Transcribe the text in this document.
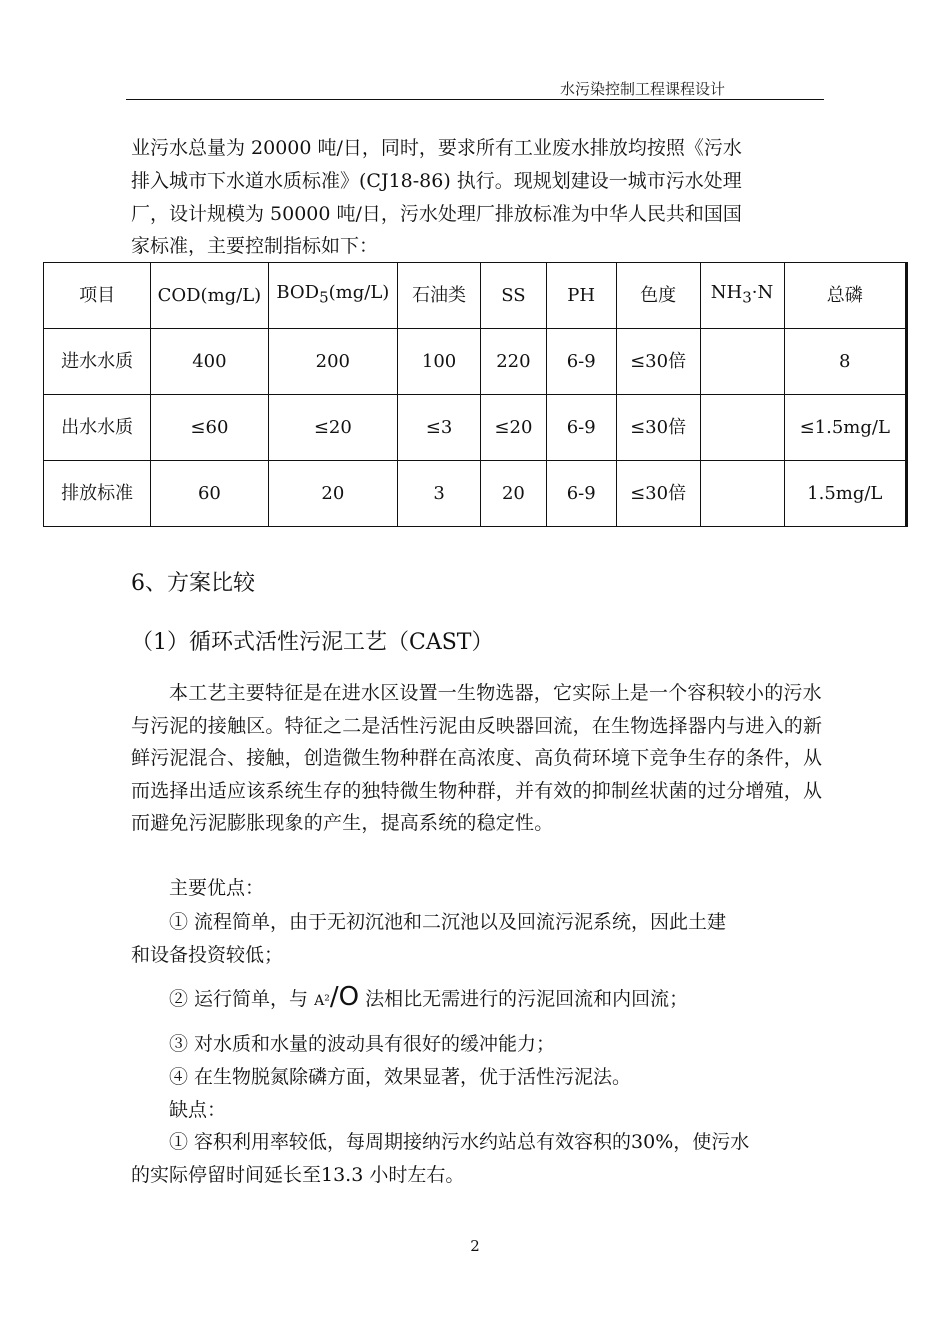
水污染控制工程课程设计
业污水总量为 20000 吨/日，同时，要求所有工业废水排放均按照《污水
排入城市下水道水质标准》(CJ18-86) 执行。现规划建设一城市污水处理
厂，设计规模为 50000 吨/日，污水处理厂排放标准为中华人民共和国国
家标准，主要控制指标如下：
项目	COD(mg/L)	$BOD_5(mg/L)$	石油类	SS	PH	色度	$NH_3\cdot N$	总磷
进水水质	400	200	100	220	6-9	≤30倍		8
出水水质	≤60	≤20	≤3	≤20	6-9	≤30倍		≤1.5mg/L
排放标准	60	20	3	20	6-9	≤30倍		1.5mg/L
6、方案比较
（1）循环式活性污泥工艺（CAST）
本工艺主要特征是在进水区设置一生物选器，它实际上是一个容积较小的污水与污泥的接触区。特征之二是活性污泥由反映器回流，在生物选择器内与进入的新鲜污泥混合、接触，创造微生物种群在高浓度、高负荷环境下竞争生存的条件，从而选择出适应该系统生存的独特微生物种群，并有效的抑制丝状菌的过分增殖，从而避免污泥膨胀现象的产生，提高系统的稳定性。
主要优点：
① 流程简单，由于无初沉池和二沉池以及回流污泥系统，因此土建
和设备投资较低；
② 运行简单，与 A²/O 法相比无需进行的污泥回流和内回流；
③ 对水质和水量的波动具有很好的缓冲能力；
④ 在生物脱氮除磷方面，效果显著，优于活性污泥法。
缺点：
① 容积利用率较低，每周期接纳污水约站总有效容积的30%，使污水
的实际停留时间延长至13.3 小时左右。
2
